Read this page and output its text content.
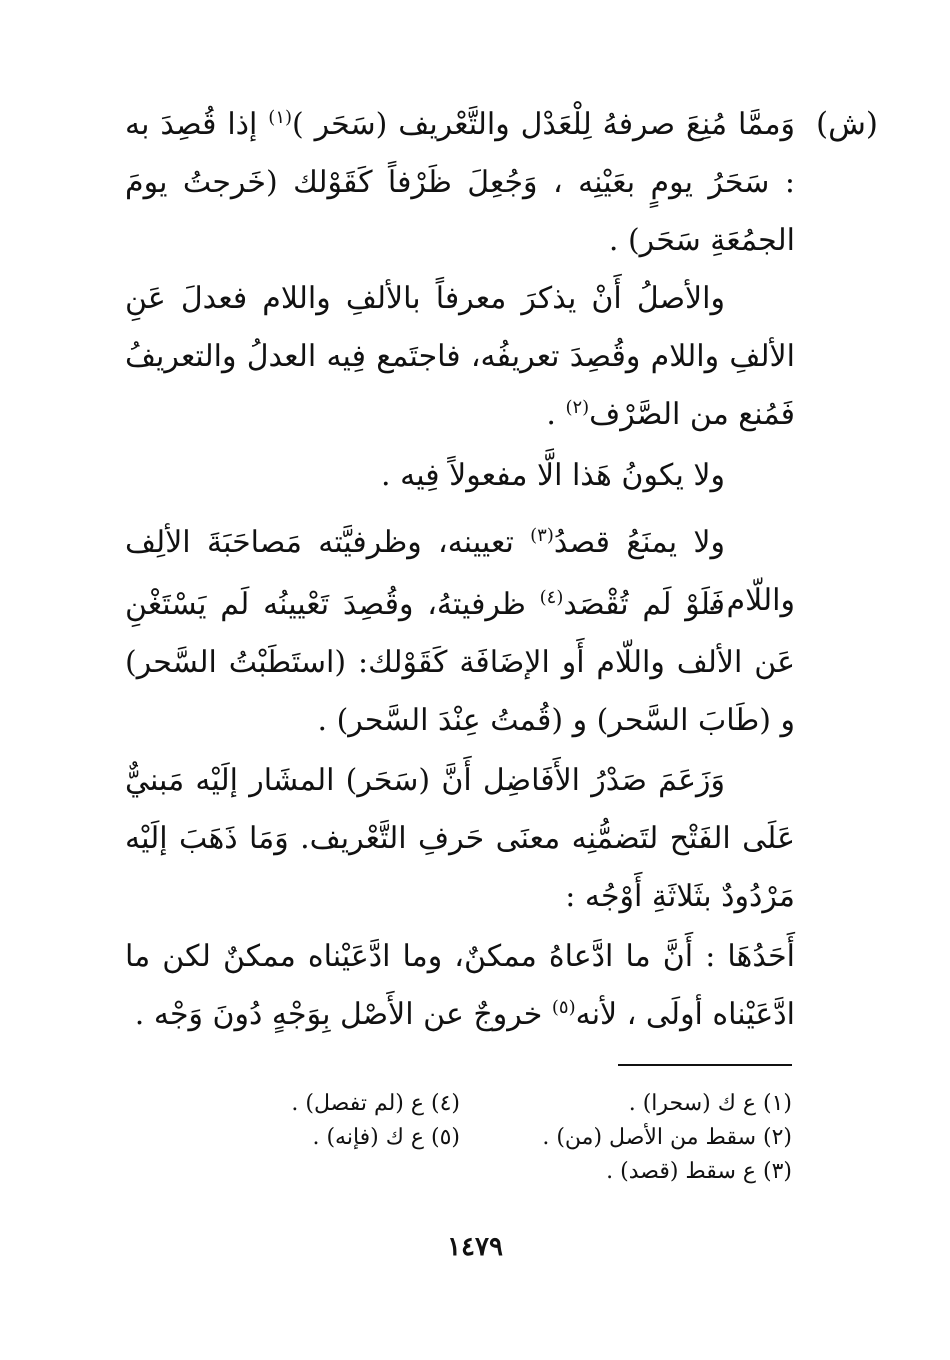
(ش)

وَممَّا مُنِعَ صرفهُ لِلْعَدْل والتَّعْريف (سَحَر )$^{(١)}$ إذا قُصِدَ به : سَحَرُ يومٍ بعَيْنِه ، وَجُعِلَ ظَرْفاً كَقَوْلك (خَرجتُ يومَ الجمُعَةِ سَحَر) .

والأصلُ أَنْ يذكرَ معرفاً بالألفِ واللام فعدلَ عَنِ الألفِ واللام وقُصِدَ تعريفُه، فاجتَمع فِيه العدلُ والتعريفُ فَمُنع من الصَّرْف$^{(٢)}$ .

ولا يكونُ هَذا الَّا مفعولاً فِيه .

ولا يمنَعُ قصدُ$^{(٣)}$ تعيينه، وظرفيَّته مَصاحَبَةَ الألِف واللّام .

فَلَوْ لَم تُقْصَد$^{(٤)}$ ظرفيتهُ، وقُصِدَ تَعْيينُه لَم يَسْتَغْنِ عَن الألف واللّام أَو الإضَافَة كَقَوْلك: (استَطَبْتُ السَّحر) و (طَابَ السَّحر) و (قُمتُ عِنْدَ السَّحر) .

وَزَعَمَ صَدْرُ الأَفَاضِل أَنَّ (سَحَر) المشَار إلَيْه مَبنيٌّ عَلَى الفَتْح لتَضمُّنِه معنَى حَرفِ التَّعْريف. وَمَا ذَهَبَ إلَيْه مَرْدُودٌ بثَلاثَةِ أَوْجُه :

أَحَدُهَا : أَنَّ ما ادَّعاهُ ممكنٌ، وما ادَّعَيْناه ممكنٌ لكن ما ادَّعَيْناه أولَى ، لأنه$^{(٥)}$ خروجٌ عن الأَصْل بِوَجْهٍ دُونَ وَجْه .

(١) ع ك (سحرا) .
(٢) سقط من الأصل (من) .
(٣) ع سقط (قصد) .
(٤) ع (لم تفصل) .
(٥) ع ك (فإنه) .
١٤٧٩
